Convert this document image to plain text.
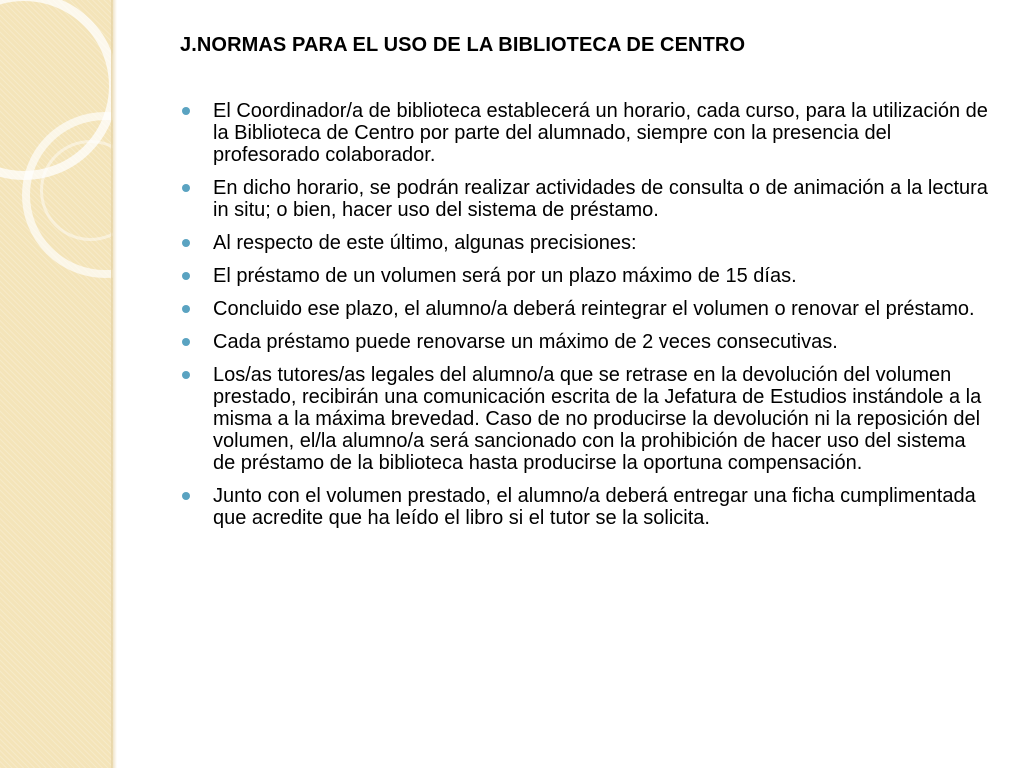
J.NORMAS PARA EL USO DE LA BIBLIOTECA DE CENTRO
El Coordinador/a de biblioteca establecerá un horario, cada curso, para la utilización de la Biblioteca de Centro por parte del alumnado, siempre con la presencia del profesorado colaborador.
En dicho horario, se podrán realizar actividades de consulta o de animación a la lectura in situ; o bien, hacer uso del sistema de préstamo.
Al respecto de este último, algunas precisiones:
El préstamo de un volumen será por un plazo máximo de 15 días.
Concluido ese plazo, el alumno/a deberá reintegrar el volumen o renovar el préstamo.
Cada préstamo puede renovarse un máximo de 2 veces consecutivas.
Los/as tutores/as legales del alumno/a que se retrase en la devolución del volumen prestado, recibirán una comunicación escrita de la Jefatura de Estudios instándole a la misma a la máxima brevedad. Caso de no producirse la devolución ni la reposición del volumen, el/la alumno/a será sancionado con la prohibición de hacer uso del sistema de préstamo de la biblioteca hasta producirse la oportuna compensación.
Junto con el volumen prestado, el alumno/a deberá entregar una ficha cumplimentada que acredite que ha leído el libro si el tutor se la solicita.
